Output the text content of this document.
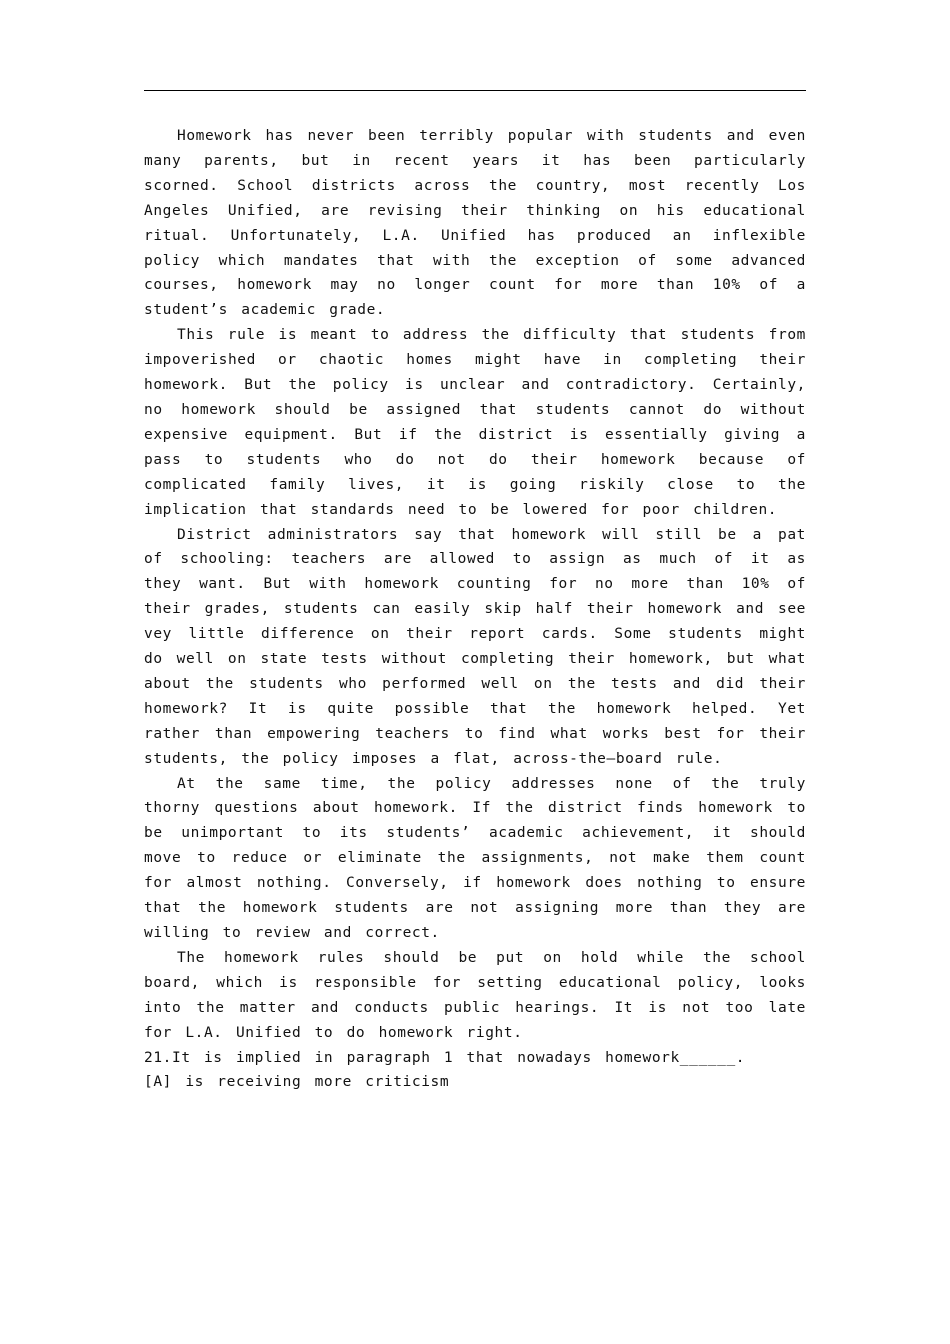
Homework has never been terribly popular with students and even many parents, but in recent years it has been particularly scorned. School districts across the country, most recently Los Angeles Unified, are revising their thinking on his educational ritual. Unfortunately, L.A. Unified has produced an inflexible policy which mandates that with the exception of some advanced courses, homework may no longer count for more than 10% of a student’s academic grade.

This rule is meant to address the difficulty that students from impoverished or chaotic homes might have in completing their homework. But the policy is unclear and contradictory. Certainly, no homework should be assigned that students cannot do without expensive equipment. But if the district is essentially giving a pass to students who do not do their homework because of complicated family lives, it is going riskily close to the implication that standards need to be lowered for poor children.

District administrators say that homework will still be a pat of schooling: teachers are allowed to assign as much of it as they want. But with homework counting for no more than 10% of their grades, students can easily skip half their homework and see vey little difference on their report cards. Some students might do well on state tests without completing their homework, but what about the students who performed well on the tests and did their homework? It is quite possible that the homework helped. Yet rather than empowering teachers to find what works best for their students, the policy imposes a flat, across-the—board rule.

At the same time, the policy addresses none of the truly thorny questions about homework. If the district finds homework to be unimportant to its students’ academic achievement, it should move to reduce or eliminate the assignments, not make them count for almost nothing. Conversely, if homework does nothing to ensure that the homework students are not assigning more than they are willing to review and correct.

The homework rules should be put on hold while the school board, which is responsible for setting educational policy, looks into the matter and conducts public hearings. It is not too late for L.A. Unified to do homework right.

21.It is implied in paragraph 1 that nowadays homework______.

[A] is receiving more criticism
